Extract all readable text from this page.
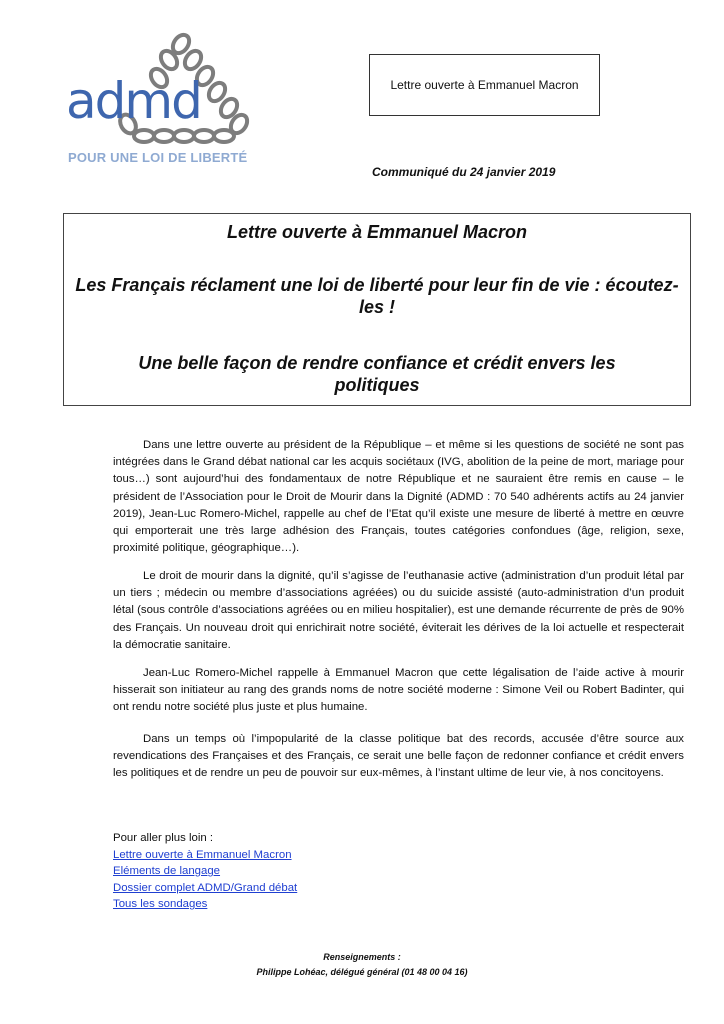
admd
POUR UNE LOI DE LIBERTÉ
Lettre ouverte à Emmanuel Macron
Communiqué du 24 janvier 2019
Lettre ouverte à Emmanuel Macron
Les Français réclament une loi de liberté pour leur fin de vie : écoutez-les !
Une belle façon de rendre confiance et crédit envers les politiques

Dans une lettre ouverte au président de la République – et même si les questions de société ne sont pas intégrées dans le Grand débat national car les acquis sociétaux (IVG, abolition de la peine de mort, mariage pour tous…) sont aujourd’hui des fondamentaux de notre République et ne sauraient être remis en cause – le président de l’Association pour le Droit de Mourir dans la Dignité (ADMD : 70 540 adhérents actifs au 24 janvier 2019), Jean-Luc Romero-Michel, rappelle au chef de l’Etat qu’il existe une mesure de liberté à mettre en œuvre qui emporterait une très large adhésion des Français, toutes catégories confondues (âge, religion, sexe, proximité politique, géographique…).

Le droit de mourir dans la dignité, qu’il s’agisse de l’euthanasie active (administration d’un produit létal par un tiers ; médecin ou membre d’associations agréées) ou du suicide assisté (auto-administration d’un produit létal (sous contrôle d’associations agréées ou en milieu hospitalier), est une demande récurrente de près de 90% des Français. Un nouveau droit qui enrichirait notre société, éviterait les dérives de la loi actuelle et respecterait la démocratie sanitaire.

Jean-Luc Romero-Michel rappelle à Emmanuel Macron que cette légalisation de l’aide active à mourir hisserait son initiateur au rang des grands noms de notre société moderne : Simone Veil ou Robert Badinter, qui ont rendu notre société plus juste et plus humaine.

Dans un temps où l’impopularité de la classe politique bat des records, accusée d’être source aux revendications des Françaises et des Français, ce serait une belle façon de redonner confiance et crédit envers les politiques et de rendre un peu de pouvoir sur eux-mêmes, à l’instant ultime de leur vie, à nos concitoyens.

Pour aller plus loin :
Lettre ouverte à Emmanuel Macron
Eléments de langage
Dossier complet ADMD/Grand débat
Tous les sondages
Renseignements :
Philippe Lohéac, délégué général (01 48 00 04 16)
